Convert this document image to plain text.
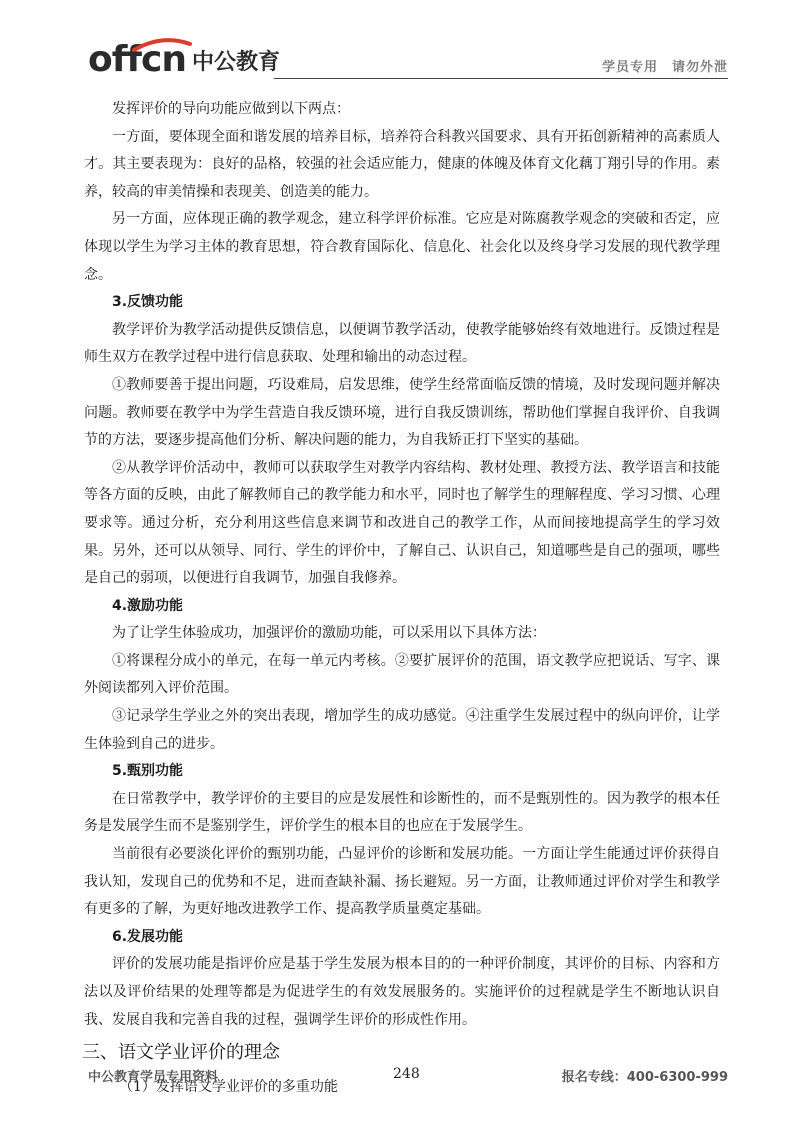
offcn 中公教育	学员专用 请勿外泄

发挥评价的导向功能应做到以下两点：

一方面，要体现全面和谐发展的培养目标，培养符合科教兴国要求、具有开拓创新精神的高素质人才。其主要表现为：良好的品格，较强的社会适应能力，健康的体魄及体育文化藕丁翔引导的作用。素养，较高的审美情操和表现美、创造美的能力。

另一方面，应体现正确的教学观念，建立科学评价标准。它应是对陈腐教学观念的突破和否定，应体现以学生为学习主体的教育思想，符合教育国际化、信息化、社会化以及终身学习发展的现代教学理念。

3.反馈功能

教学评价为教学活动提供反馈信息，以便调节教学活动，使教学能够始终有效地进行。反馈过程是师生双方在教学过程中进行信息获取、处理和输出的动态过程。

①教师要善于提出问题，巧设难局，启发思维，使学生经常面临反馈的情境，及时发现问题并解决问题。教师要在教学中为学生营造自我反馈环境，进行自我反馈训练，帮助他们掌握自我评价、自我调节的方法，要逐步提高他们分析、解决问题的能力，为自我矫正打下坚实的基础。

②从教学评价活动中，教师可以获取学生对教学内容结构、教材处理、教授方法、教学语言和技能等各方面的反映，由此了解教师自己的教学能力和水平，同时也了解学生的理解程度、学习习惯、心理要求等。通过分析，充分利用这些信息来调节和改进自己的教学工作，从而间接地提高学生的学习效果。另外，还可以从领导、同行、学生的评价中，了解自己、认识自己，知道哪些是自己的强项，哪些是自己的弱项，以便进行自我调节，加强自我修养。

4.激励功能

为了让学生体验成功，加强评价的激励功能，可以采用以下具体方法：

①将课程分成小的单元，在每一单元内考核。②要扩展评价的范围，语文教学应把说话、写字、课外阅读都列入评价范围。

③记录学生学业之外的突出表现，增加学生的成功感觉。④注重学生发展过程中的纵向评价，让学生体验到自己的进步。

5.甄别功能

在日常教学中，教学评价的主要目的应是发展性和诊断性的，而不是甄别性的。因为教学的根本任务是发展学生而不是鉴别学生，评价学生的根本目的也应在于发展学生。

当前很有必要淡化评价的甄别功能，凸显评价的诊断和发展功能。一方面让学生能通过评价获得自我认知，发现自己的优势和不足，进而查缺补漏、扬长避短。另一方面，让教师通过评价对学生和教学有更多的了解，为更好地改进教学工作、提高教学质量奠定基础。

6.发展功能

评价的发展功能是指评价应是基于学生发展为根本目的的一种评价制度，其评价的目标、内容和方法以及评价结果的处理等都是为促进学生的有效发展服务的。实施评价的过程就是学生不断地认识自我、发展自我和完善自我的过程，强调学生评价的形成性作用。

三、语文学业评价的理念

（1）发挥语文学业评价的多重功能

中公教育学员专用资料	248	报名专线：400-6300-999
